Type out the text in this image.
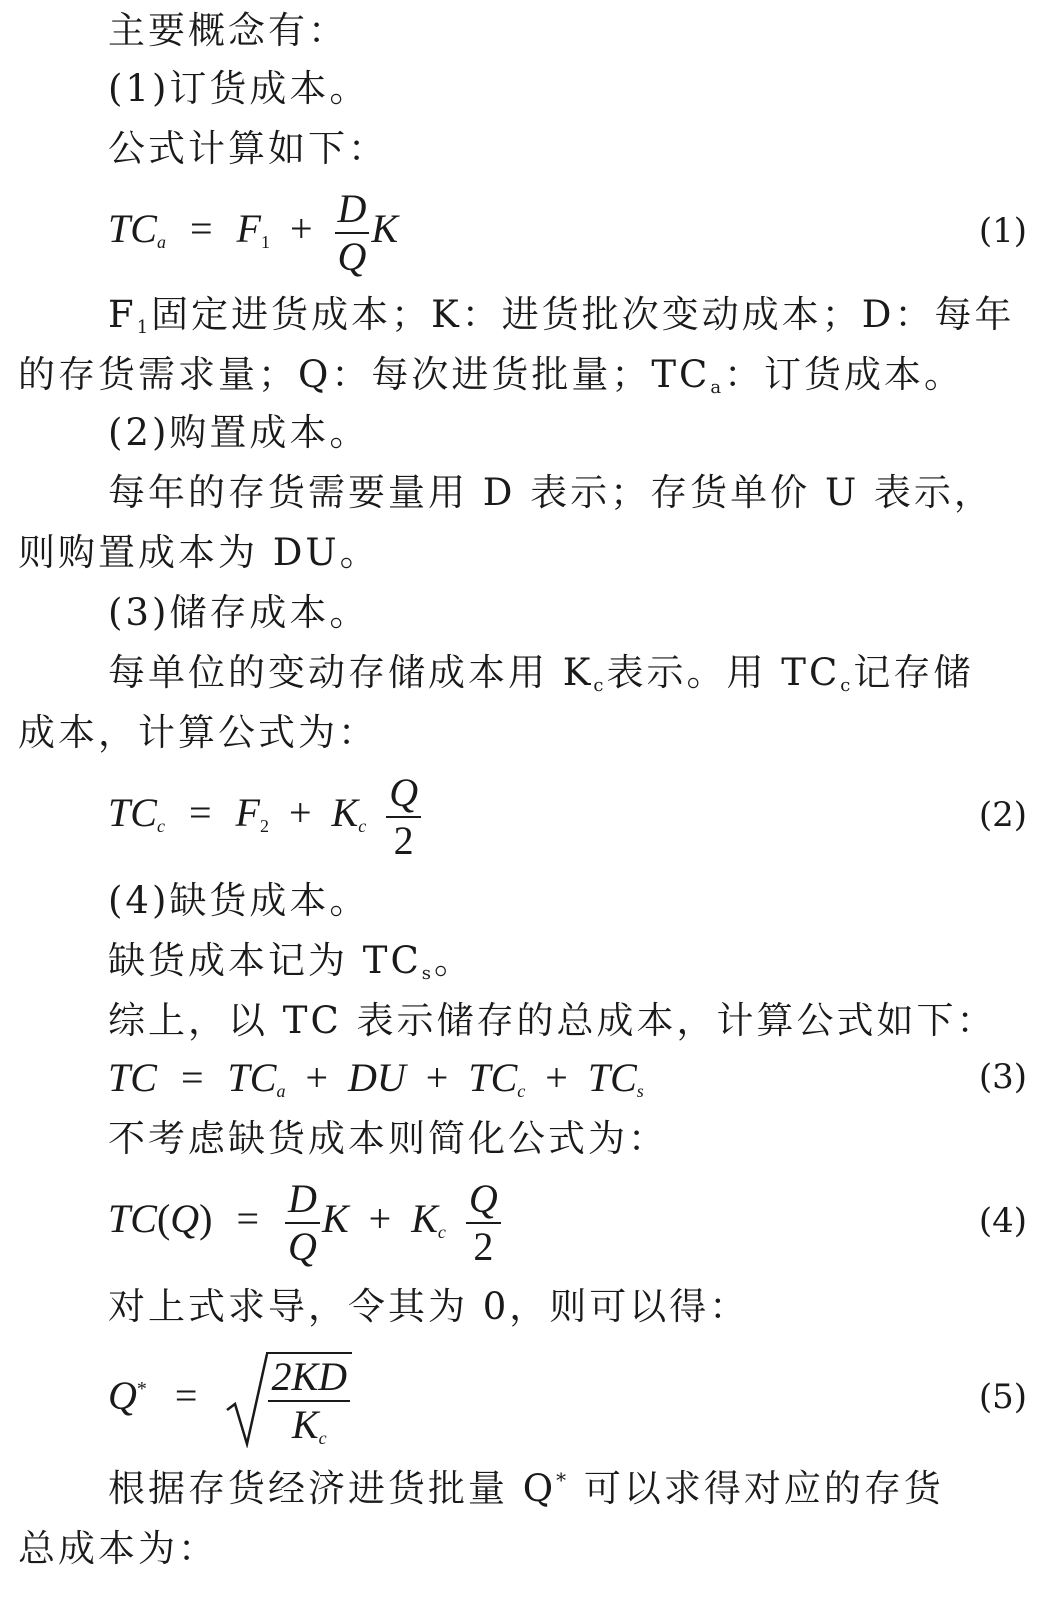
主要概念有：
(1)订货成本。
公式计算如下：
$TC_a = F1 + \frac{D}{Q}$ K	(1)
F1固定进货成本；K：进货批次变动成本；D：每年
的存货需求量；Q：每次进货批量；TCa：订货成本。
(2)购置成本。
每年的存货需要量用 D 表示；存货单价 U 表示，
则购置成本为 DU。
(3)储存成本。
每单位的变动存储成本用 Kc表示。用 TCc记存储
成本，计算公式为：
$TC_c = F2 + K_c \frac{Q}{2}$	(2)
(4)缺货成本。
缺货成本记为 TCs。
综上，以 TC 表示储存的总成本，计算公式如下：
TC = $TC_a$ + DU + $TC_c + TC_s$	(3)
不考虑缺货成本则简化公式为：
$TC(Q) = \frac{D}{Q}$ $K + K_c \frac{Q}{2}$	(4)
对上式求导，令其为 0，则可以得：
$Q^* = \frac{2KD}{K_c}$	(5)
根据存货经济进货批量 Q* 可以求得对应的存货
总成本为：
